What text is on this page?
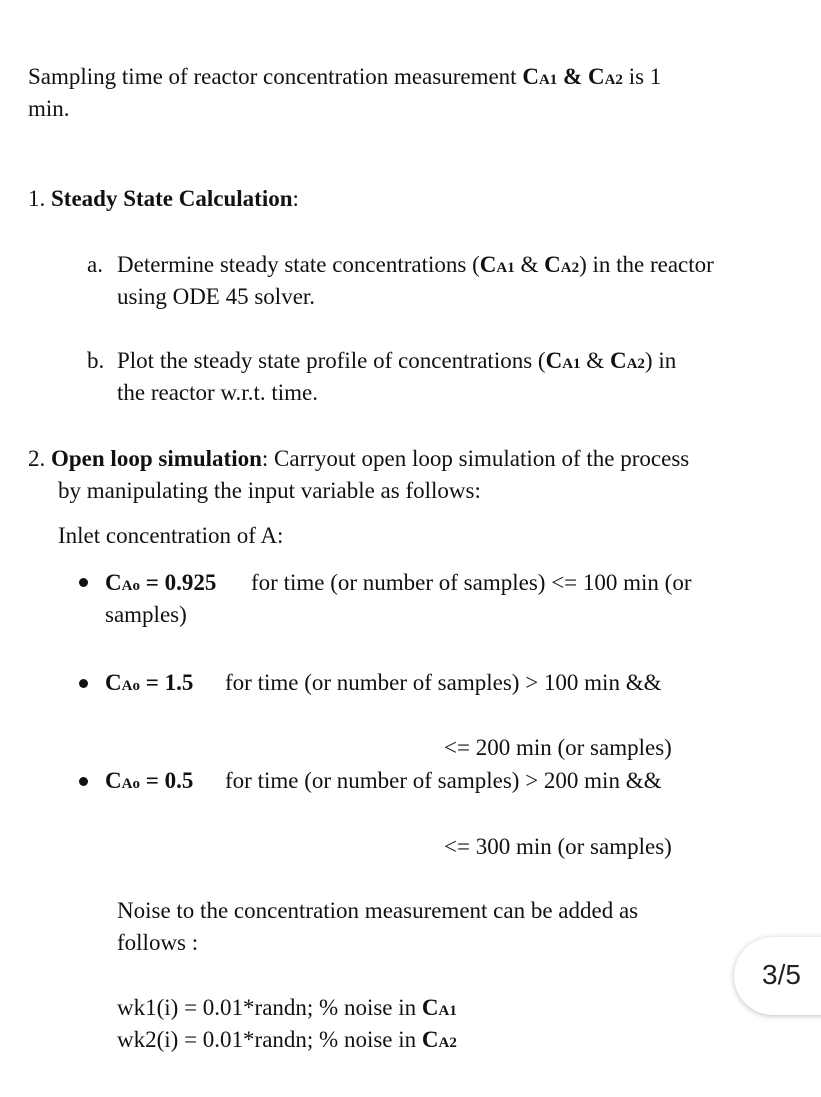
Sampling time of reactor concentration measurement CA1 & CA2 is 1
min.
1. Steady State Calculation:
a. Determine steady state concentrations (CA1 & CA2) in the reactor
using ODE 45 solver.
b. Plot the steady state profile of concentrations (CA1 & CA2) in
the reactor w.r.t. time.
2. Open loop simulation: Carryout open loop simulation of the process
by manipulating the input variable as follows:
Inlet concentration of A:
CAo = 0.925 for time (or number of samples) <= 100 min (or
samples)
CAo = 1.5 for time (or number of samples) > 100 min &&
<= 200 min (or samples)
CAo = 0.5 for time (or number of samples) > 200 min &&
<= 300 min (or samples)
Noise to the concentration measurement can be added as
follows :
wk1(i) = 0.01*randn; % noise in CA1
wk2(i) = 0.01*randn; % noise in CA2
3/5
